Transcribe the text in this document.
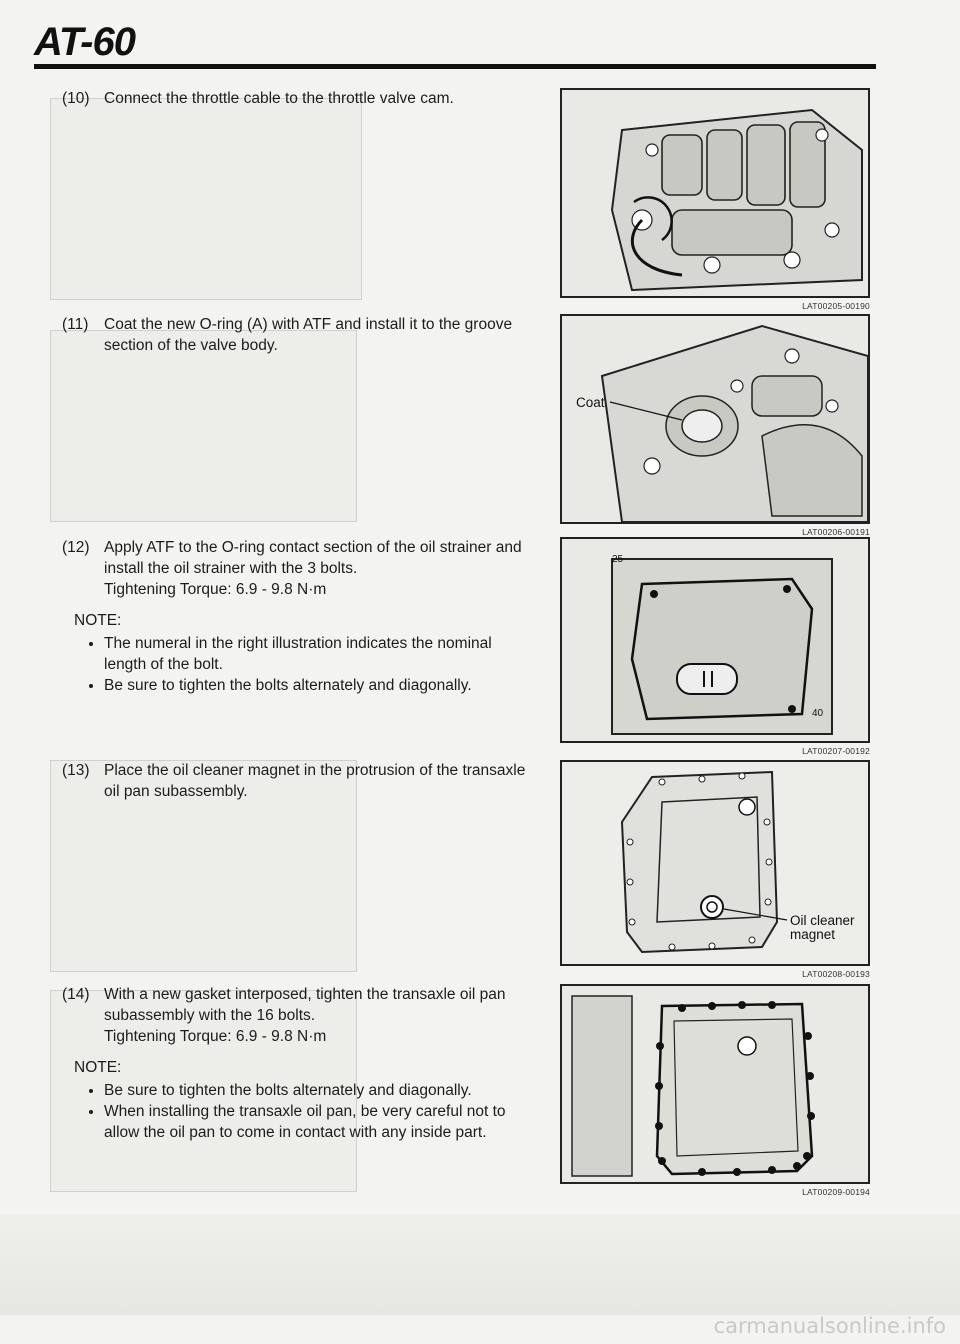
AT-60
(10) Connect the throttle cable to the throttle valve cam.
(11) Coat the new O-ring (A) with ATF and install it to the groove section of the valve body.
(12) Apply ATF to the O-ring contact section of the oil strainer and install the oil strainer with the 3 bolts.
Tightening Torque: 6.9 - 9.8 N·m
NOTE:
• The numeral in the right illustration indicates the nominal length of the bolt.
• Be sure to tighten the bolts alternately and diagonally.
(13) Place the oil cleaner magnet in the protrusion of the transaxle oil pan subassembly.
(14) With a new gasket interposed, tighten the transaxle oil pan subassembly with the 16 bolts.
Tightening Torque: 6.9 - 9.8 N·m
NOTE:
• Be sure to tighten the bolts alternately and diagonally.
• When installing the transaxle oil pan, be very careful not to allow the oil pan to come in contact with any inside part.
LAT00205-00190
Coat
LAT00206-00191
25
40
LAT00207-00192
Oil cleaner magnet
LAT00208-00193
LAT00209-00194
carmanualsonline.info
